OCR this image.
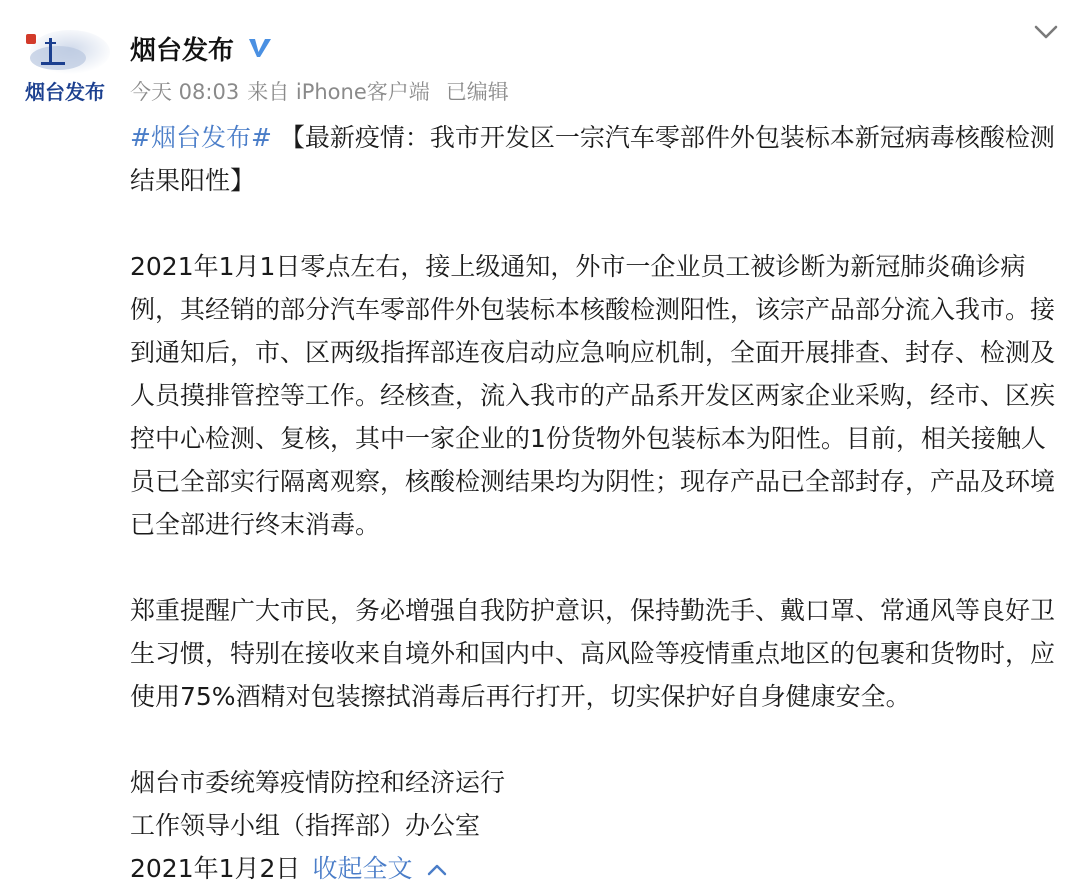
烟台发布
烟台发布
今天 08:03 来自 iPhone客户端 已编辑

#烟台发布# 【最新疫情：我市开发区一宗汽车零部件外包装标本新冠病毒核酸检测结果阳性】

2021年1月1日零点左右，接上级通知，外市一企业员工被诊断为新冠肺炎确诊病例，其经销的部分汽车零部件外包装标本核酸检测阳性，该宗产品部分流入我市。接到通知后，市、区两级指挥部连夜启动应急响应机制，全面开展排查、封存、检测及人员摸排管控等工作。经核查，流入我市的产品系开发区两家企业采购，经市、区疾控中心检测、复核，其中一家企业的1份货物外包装标本为阳性。目前，相关接触人员已全部实行隔离观察，核酸检测结果均为阴性；现存产品已全部封存，产品及环境已全部进行终末消毒。

郑重提醒广大市民，务必增强自我防护意识，保持勤洗手、戴口罩、常通风等良好卫生习惯，特别在接收来自境外和国内中、高风险等疫情重点地区的包裹和货物时，应使用75%酒精对包装擦拭消毒后再行打开，切实保护好自身健康安全。

烟台市委统筹疫情防控和经济运行

工作领导小组（指挥部）办公室

2021年1月2日 收起全文
